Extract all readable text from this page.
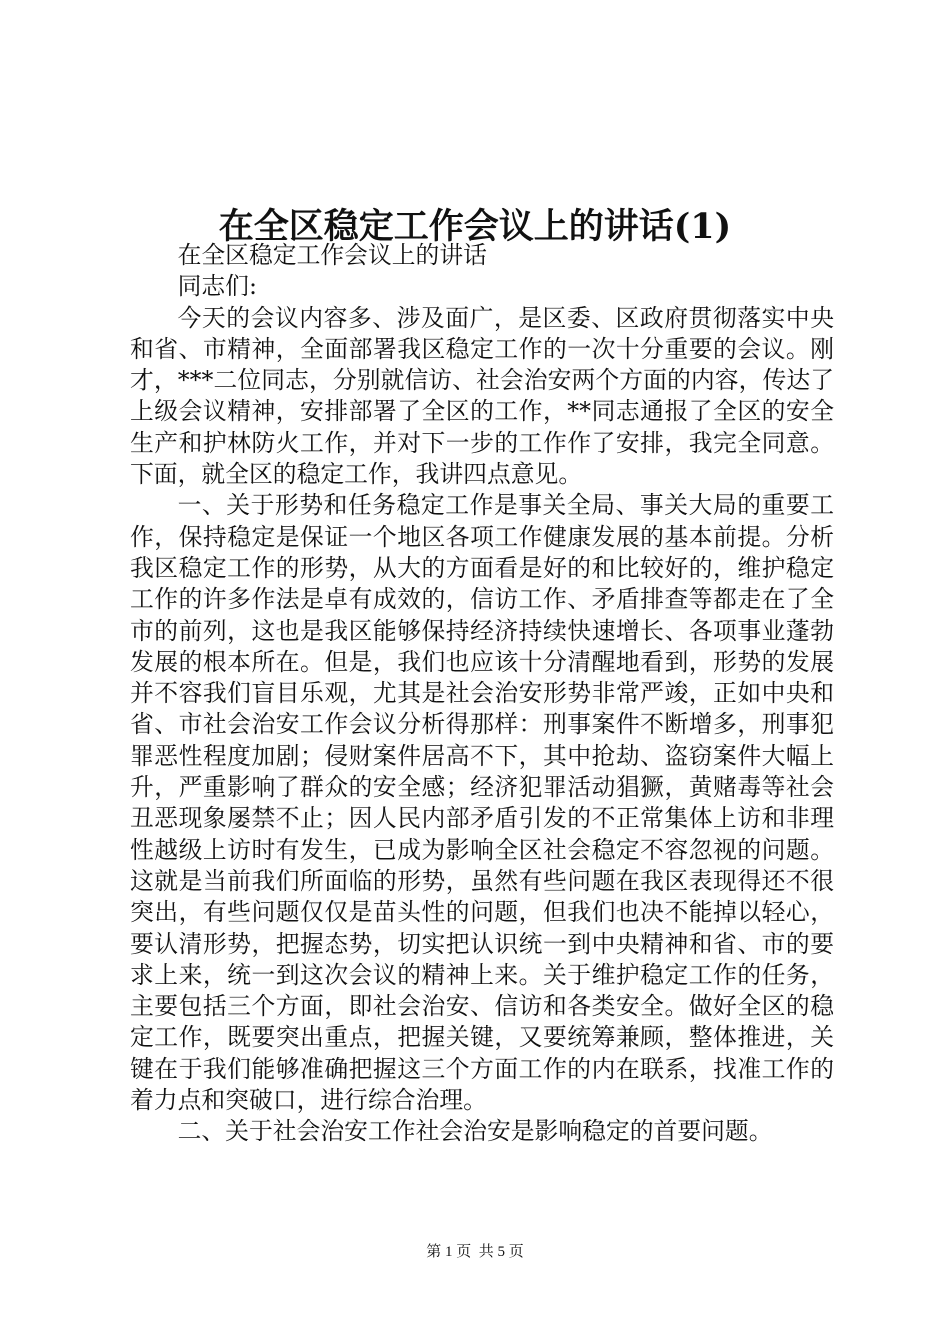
在全区稳定工作会议上的讲话(1)

在全区稳定工作会议上的讲话

同志们:

今天的会议内容多、涉及面广，是区委、区政府贯彻落实中央和省、市精神，全面部署我区稳定工作的一次十分重要的会议。刚才，***二位同志，分别就信访、社会治安两个方面的内容，传达了上级会议精神，安排部署了全区的工作，**同志通报了全区的安全生产和护林防火工作，并对下一步的工作作了安排，我完全同意。下面，就全区的稳定工作，我讲四点意见。

一、关于形势和任务稳定工作是事关全局、事关大局的重要工作，保持稳定是保证一个地区各项工作健康发展的基本前提。分析我区稳定工作的形势，从大的方面看是好的和比较好的，维护稳定工作的许多作法是卓有成效的，信访工作、矛盾排查等都走在了全市的前列，这也是我区能够保持经济持续快速增长、各项事业蓬勃发展的根本所在。但是，我们也应该十分清醒地看到，形势的发展并不容我们盲目乐观，尤其是社会治安形势非常严竣，正如中央和省、市社会治安工作会议分析得那样：刑事案件不断增多，刑事犯罪恶性程度加剧；侵财案件居高不下，其中抢劫、盗窃案件大幅上升，严重影响了群众的安全感；经济犯罪活动猖獗，黄赌毒等社会丑恶现象屡禁不止；因人民内部矛盾引发的不正常集体上访和非理性越级上访时有发生，已成为影响全区社会稳定不容忽视的问题。这就是当前我们所面临的形势，虽然有些问题在我区表现得还不很突出，有些问题仅仅是苗头性的问题，但我们也决不能掉以轻心，要认清形势，把握态势，切实把认识统一到中央精神和省、市的要求上来，统一到这次会议的精神上来。关于维护稳定工作的任务，主要包括三个方面，即社会治安、信访和各类安全。做好全区的稳定工作，既要突出重点，把握关键，又要统筹兼顾，整体推进，关键在于我们能够准确把握这三个方面工作的内在联系，找准工作的着力点和突破口，进行综合治理。

二、关于社会治安工作社会治安是影响稳定的首要问题。

第 1 页  共 5 页
